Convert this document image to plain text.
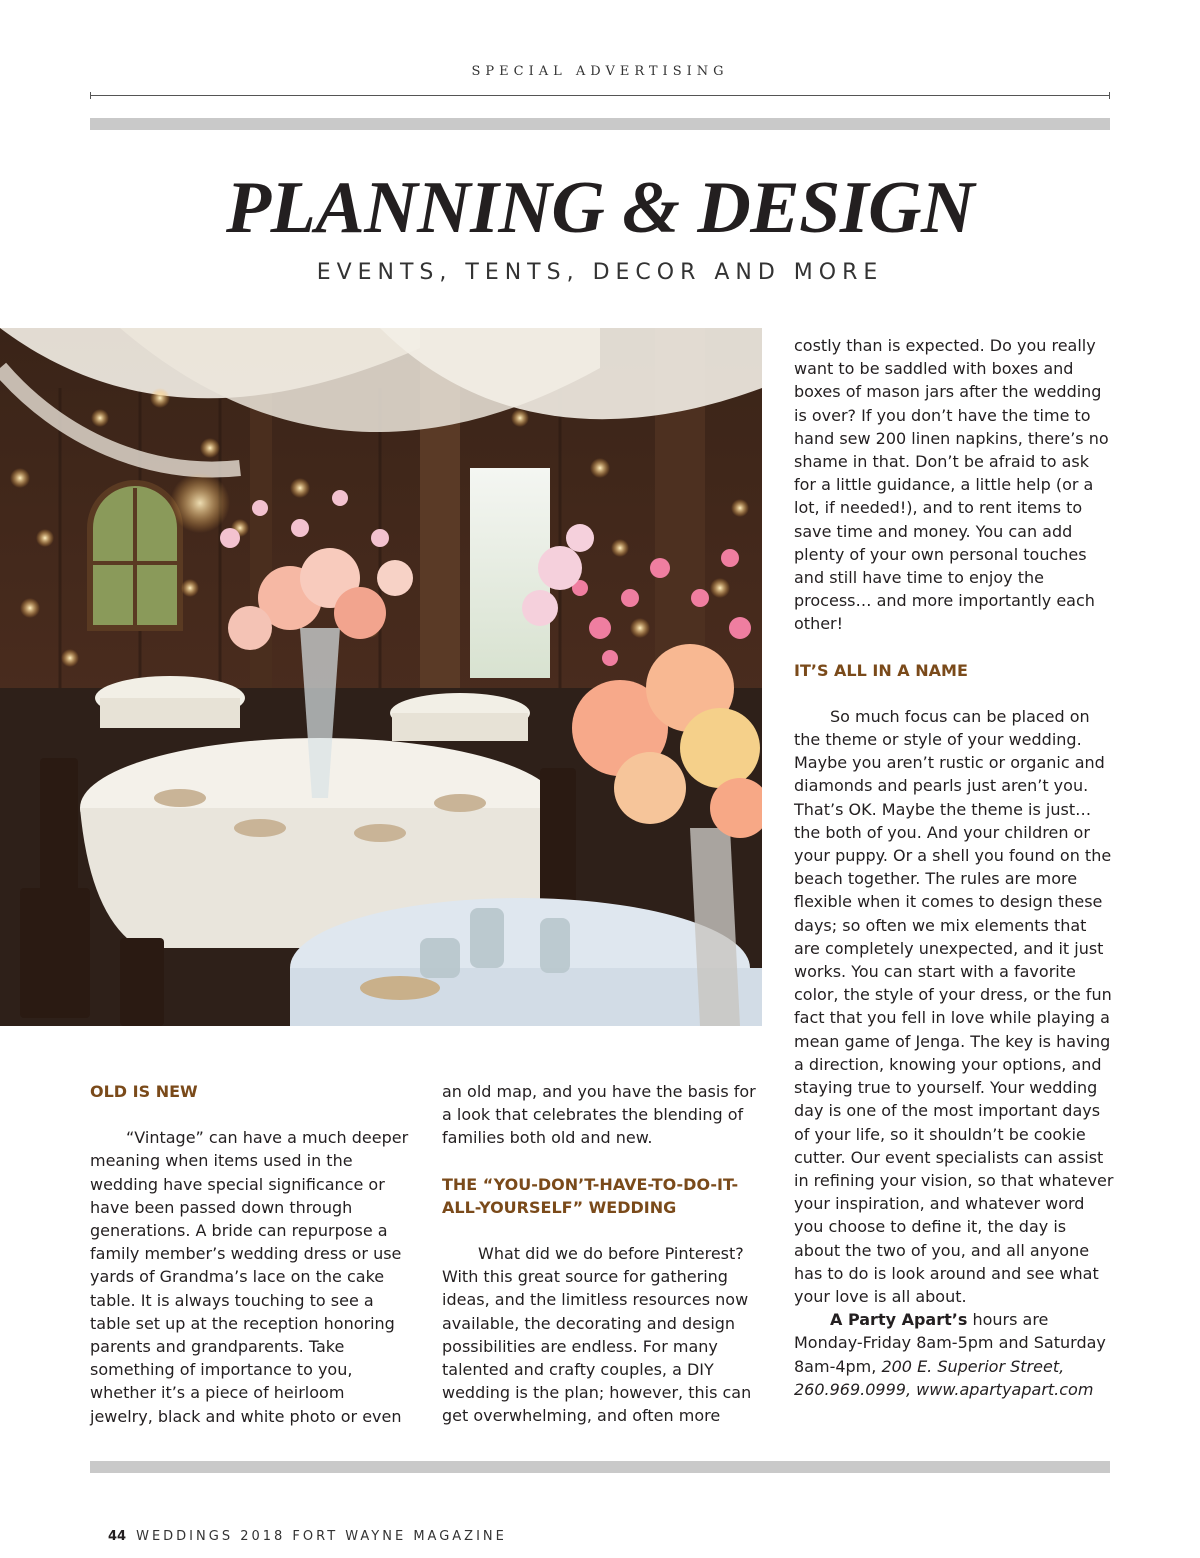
SPECIAL ADVERTISING
PLANNING & DESIGN
EVENTS, TENTS, DECOR AND MORE
OLD IS NEW

“Vintage” can have a much deeper meaning when items used in the wedding have special significance or have been passed down through generations. A bride can repurpose a family member’s wedding dress or use yards of Grandma’s lace on the cake table. It is always touching to see a table set up at the reception honoring parents and grandparents. Take something of importance to you, whether it’s a piece of heirloom jewelry, black and white photo or even

an old map, and you have the basis for a look that celebrates the blending of families both old and new.

THE “YOU-DON’T-HAVE-TO-DO-IT-ALL-YOURSELF” WEDDING

What did we do before Pinterest? With this great source for gathering ideas, and the limitless resources now available, the decorating and design possibilities are endless. For many talented and crafty couples, a DIY wedding is the plan; however, this can get overwhelming, and often more

costly than is expected. Do you really want to be saddled with boxes and boxes of mason jars after the wedding is over? If you don’t have the time to hand sew 200 linen napkins, there’s no shame in that. Don’t be afraid to ask for a little guidance, a little help (or a lot, if needed!), and to rent items to save time and money. You can add plenty of your own personal touches and still have time to enjoy the process… and more importantly each other!

IT’S ALL IN A NAME

So much focus can be placed on the theme or style of your wedding. Maybe you aren’t rustic or organic and diamonds and pearls just aren’t you. That’s OK. Maybe the theme is just… the both of you. And your children or your puppy. Or a shell you found on the beach together. The rules are more flexible when it comes to design these days; so often we mix elements that are completely unexpected, and it just works. You can start with a favorite color, the style of your dress, or the fun fact that you fell in love while playing a mean game of Jenga. The key is having a direction, knowing your options, and staying true to yourself. Your wedding day is one of the most important days of your life, so it shouldn’t be cookie cutter. Our event specialists can assist in refining your vision, so that whatever your inspiration, and whatever word you choose to define it, the day is about the two of you, and all anyone has to do is look around and see what your love is all about.

A Party Apart’s hours are Monday-Friday 8am-5pm and Saturday 8am-4pm, 200 E. Superior Street, 260.969.0999, www.apartyapart.com

44 WEDDINGS 2018 FORT WAYNE MAGAZINE
